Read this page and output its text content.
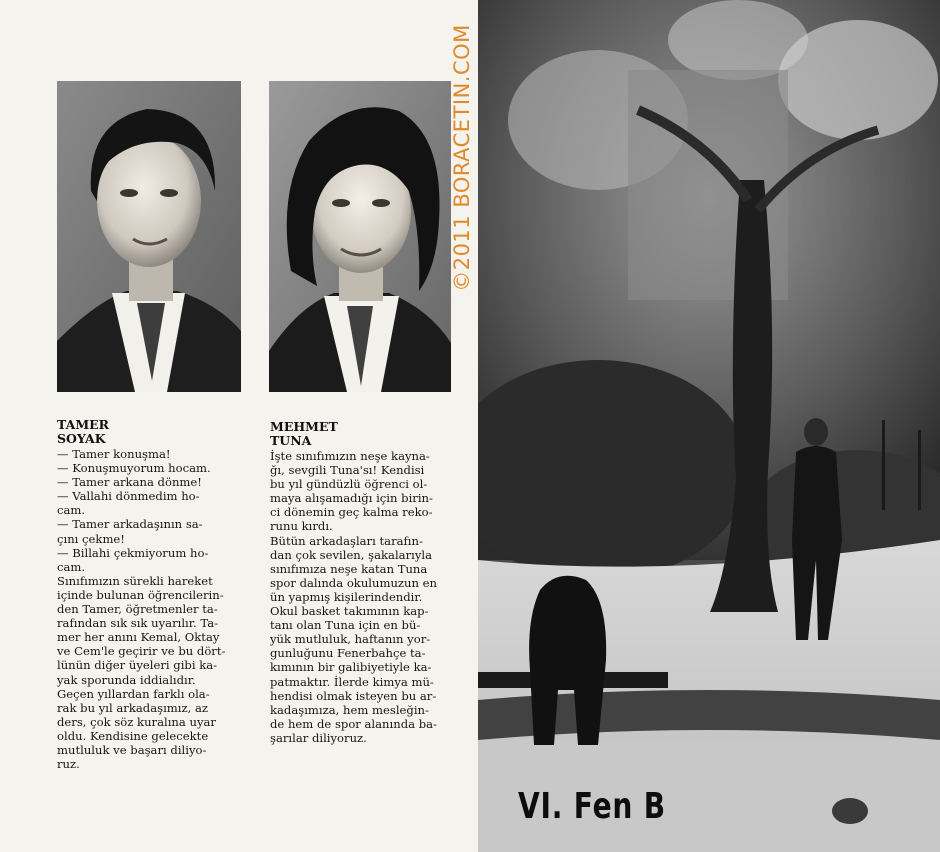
TAMER
SOYAK
MEHMET
TUNA
— Tamer konuşma!
— Konuşmuyorum hocam.
— Tamer arkana dönme!
— Vallahi dönmedim ho-
cam.
— Tamer arkadaşının sa-
çını çekme!
— Billahi çekmiyorum ho-
cam.
Sınıfımızın sürekli hareket
içinde bulunan öğrencilerin-
den Tamer, öğretmenler ta-
rafından sık sık uyarılır. Ta-
mer her anını Kemal, Oktay
ve Cem'le geçirir ve bu dört-
lünün diğer üyeleri gibi ka-
yak sporunda iddialıdır.
Geçen yıllardan farklı ola-
rak bu yıl arkadaşımız, az
ders, çok söz kuralına uyar
oldu. Kendisine gelecekte
mutluluk ve başarı diliyo-
ruz.
İşte sınıfımızın neşe kayna-
ğı, sevgili Tuna'sı! Kendisi
bu yıl gündüzlü öğrenci ol-
maya alışamadığı için birin-
ci dönemin geç kalma reko-
runu kırdı.
Bütün arkadaşları tarafın-
dan çok sevilen, şakalarıyla
sınıfımıza neşe katan Tuna
spor dalında okulumuzun en
ün yapmış kişilerindendir.
Okul basket takımının kap-
tanı olan Tuna için en bü-
yük mutluluk, haftanın yor-
gunluğunu Fenerbahçe ta-
kımının bir galibiyetiyle ka-
patmaktır. İlerde kimya mü-
hendisi olmak isteyen bu ar-
kadaşımıza, hem mesleğin-
de hem de spor alanında ba-
şarılar diliyoruz.
©2011 BORACETIN.COM
VI. Fen B
